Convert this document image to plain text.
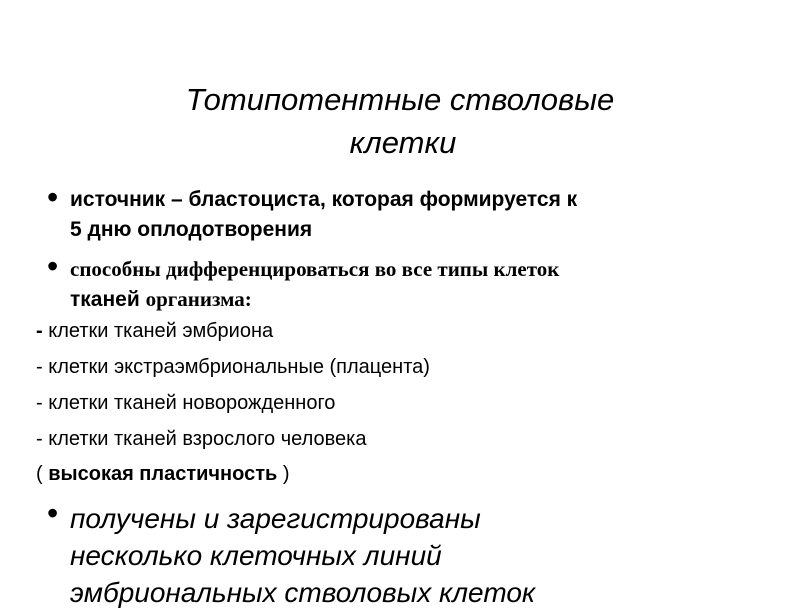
Тотипотентные стволовые
клетки
• источник – бластоциста, которая формируется к
5 дню оплодотворения
• способны дифференцироваться во все типы клеток
тканей организма:
- клетки тканей эмбриона
- клетки экстраэмбриональные (плацента)
- клетки тканей новорожденного
- клетки тканей взрослого человека
( высокая пластичность )
• получены и зарегистрированы
несколько клеточных линий
эмбриональных стволовых клеток
